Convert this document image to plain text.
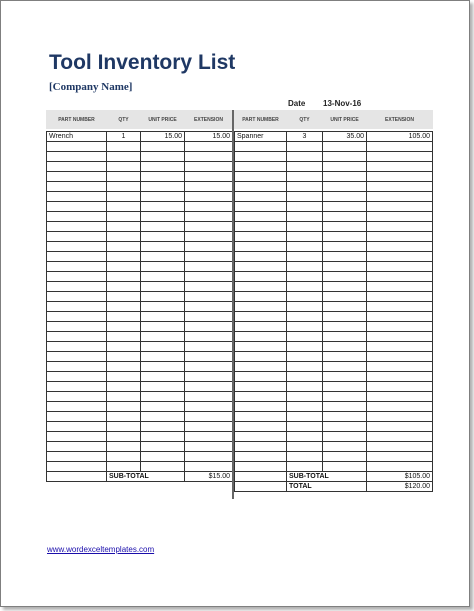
Tool Inventory List
[Company Name]
Date 13-Nov-16
PART NUMBER	QTY	UNIT PRICE	EXTENSION

Wrench	1	15.00	15.00

	SUB-TOTAL		$15.00
PART NUMBER	QTY	UNIT PRICE	EXTENSION

Spanner	3	35.00	105.00

	SUB-TOTAL		$105.00
	TOTAL		$120.00
www.wordexceltemplates.com
